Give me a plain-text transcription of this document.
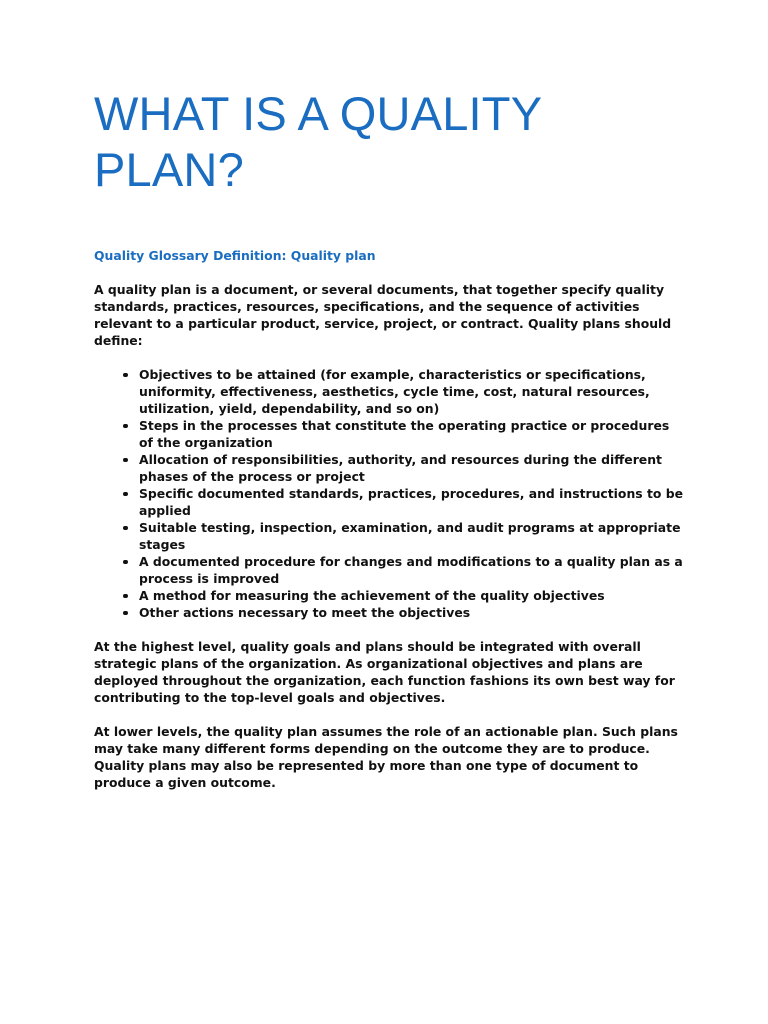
WHAT IS A QUALITY PLAN?

Quality Glossary Definition: Quality plan

A quality plan is a document, or several documents, that together specify quality standards, practices, resources, specifications, and the sequence of activities relevant to a particular product, service, project, or contract. Quality plans should define:

Objectives to be attained (for example, characteristics or specifications, uniformity, effectiveness, aesthetics, cycle time, cost, natural resources, utilization, yield, dependability, and so on)
Steps in the processes that constitute the operating practice or procedures of the organization
Allocation of responsibilities, authority, and resources during the different phases of the process or project
Specific documented standards, practices, procedures, and instructions to be applied
Suitable testing, inspection, examination, and audit programs at appropriate stages
A documented procedure for changes and modifications to a quality plan as a process is improved
A method for measuring the achievement of the quality objectives
Other actions necessary to meet the objectives

At the highest level, quality goals and plans should be integrated with overall strategic plans of the organization. As organizational objectives and plans are deployed throughout the organization, each function fashions its own best way for contributing to the top-level goals and objectives.

At lower levels, the quality plan assumes the role of an actionable plan. Such plans may take many different forms depending on the outcome they are to produce. Quality plans may also be represented by more than one type of document to produce a given outcome.
